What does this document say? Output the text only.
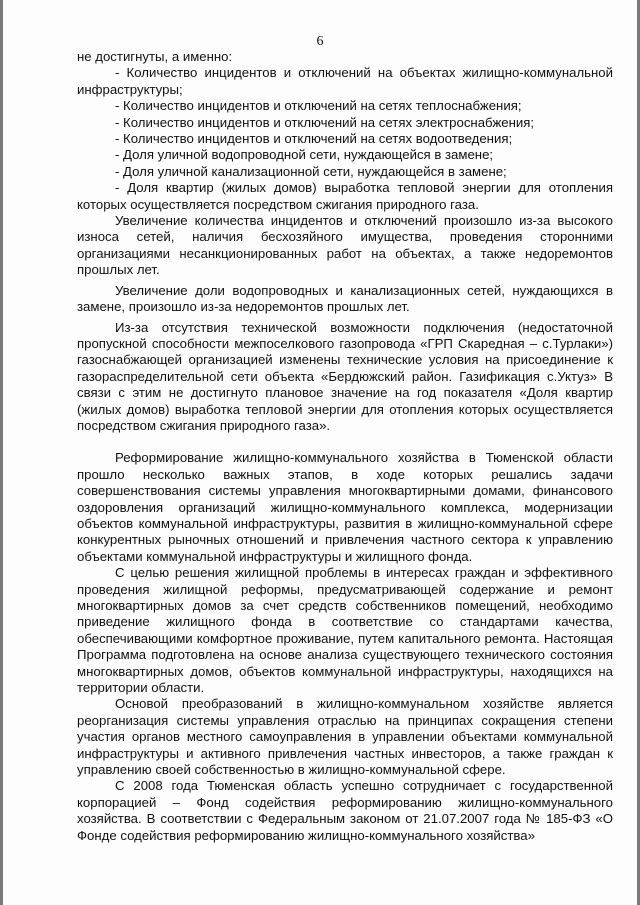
6

не достигнуты, а именно:

- Количество инцидентов и отключений на объектах жилищно-коммунальной инфраструктуры;

- Количество инцидентов и отключений на сетях теплоснабжения;

- Количество инцидентов и отключений на сетях электроснабжения;

- Количество инцидентов и отключений на сетях водоотведения;

- Доля уличной водопроводной сети, нуждающейся в замене;

- Доля уличной канализационной сети, нуждающейся в замене;

- Доля квартир (жилых домов) выработка тепловой энергии для отопления которых осуществляется посредством сжигания природного газа.

Увеличение количества инцидентов и отключений произошло из-за высокого износа сетей, наличия бесхозяйного имущества, проведения сторонними организациями несанкционированных работ на объектах, а также недоремонтов прошлых лет.

Увеличение доли водопроводных и канализационных сетей, нуждающихся в замене, произошло из-за недоремонтов прошлых лет.

Из-за отсутствия технической возможности подключения (недостаточной пропускной способности межпоселкового газопровода «ГРП Скаредная – с.Турлаки») газоснабжающей организацией изменены технические условия на присоединение к газораспределительной сети объекта «Бердюжский район. Газификация с.Уктуз» В связи с этим не достигнуто плановое значение на год показателя «Доля квартир (жилых домов) выработка тепловой энергии для отопления которых осуществляется посредством сжигания природного газа».

Реформирование жилищно-коммунального хозяйства в Тюменской области прошло несколько важных этапов, в ходе которых решались задачи совершенствования системы управления многоквартирными домами, финансового оздоровления организаций жилищно-коммунального комплекса, модернизации объектов коммунальной инфраструктуры, развития в жилищно-коммунальной сфере конкурентных рыночных отношений и привлечения частного сектора к управлению объектами коммунальной инфраструктуры и жилищного фонда.

С целью решения жилищной проблемы в интересах граждан и эффективного проведения жилищной реформы, предусматривающей содержание и ремонт многоквартирных домов за счет средств собственников помещений, необходимо приведение жилищного фонда в соответствие со стандартами качества, обеспечивающими комфортное проживание, путем капитального ремонта. Настоящая Программа подготовлена на основе анализа существующего технического состояния многоквартирных домов, объектов коммунальной инфраструктуры, находящихся на территории области.

Основой преобразований в жилищно-коммунальном хозяйстве является реорганизация системы управления отраслью на принципах сокращения степени участия органов местного самоуправления в управлении объектами коммунальной инфраструктуры и активного привлечения частных инвесторов, а также граждан к управлению своей собственностью в жилищно-коммунальной сфере.

С 2008 года Тюменская область успешно сотрудничает с государственной корпорацией – Фонд содействия реформированию жилищно-коммунального хозяйства. В соответствии с Федеральным законом от 21.07.2007 года № 185-ФЗ «О Фонде содействия реформированию жилищно-коммунального хозяйства»
